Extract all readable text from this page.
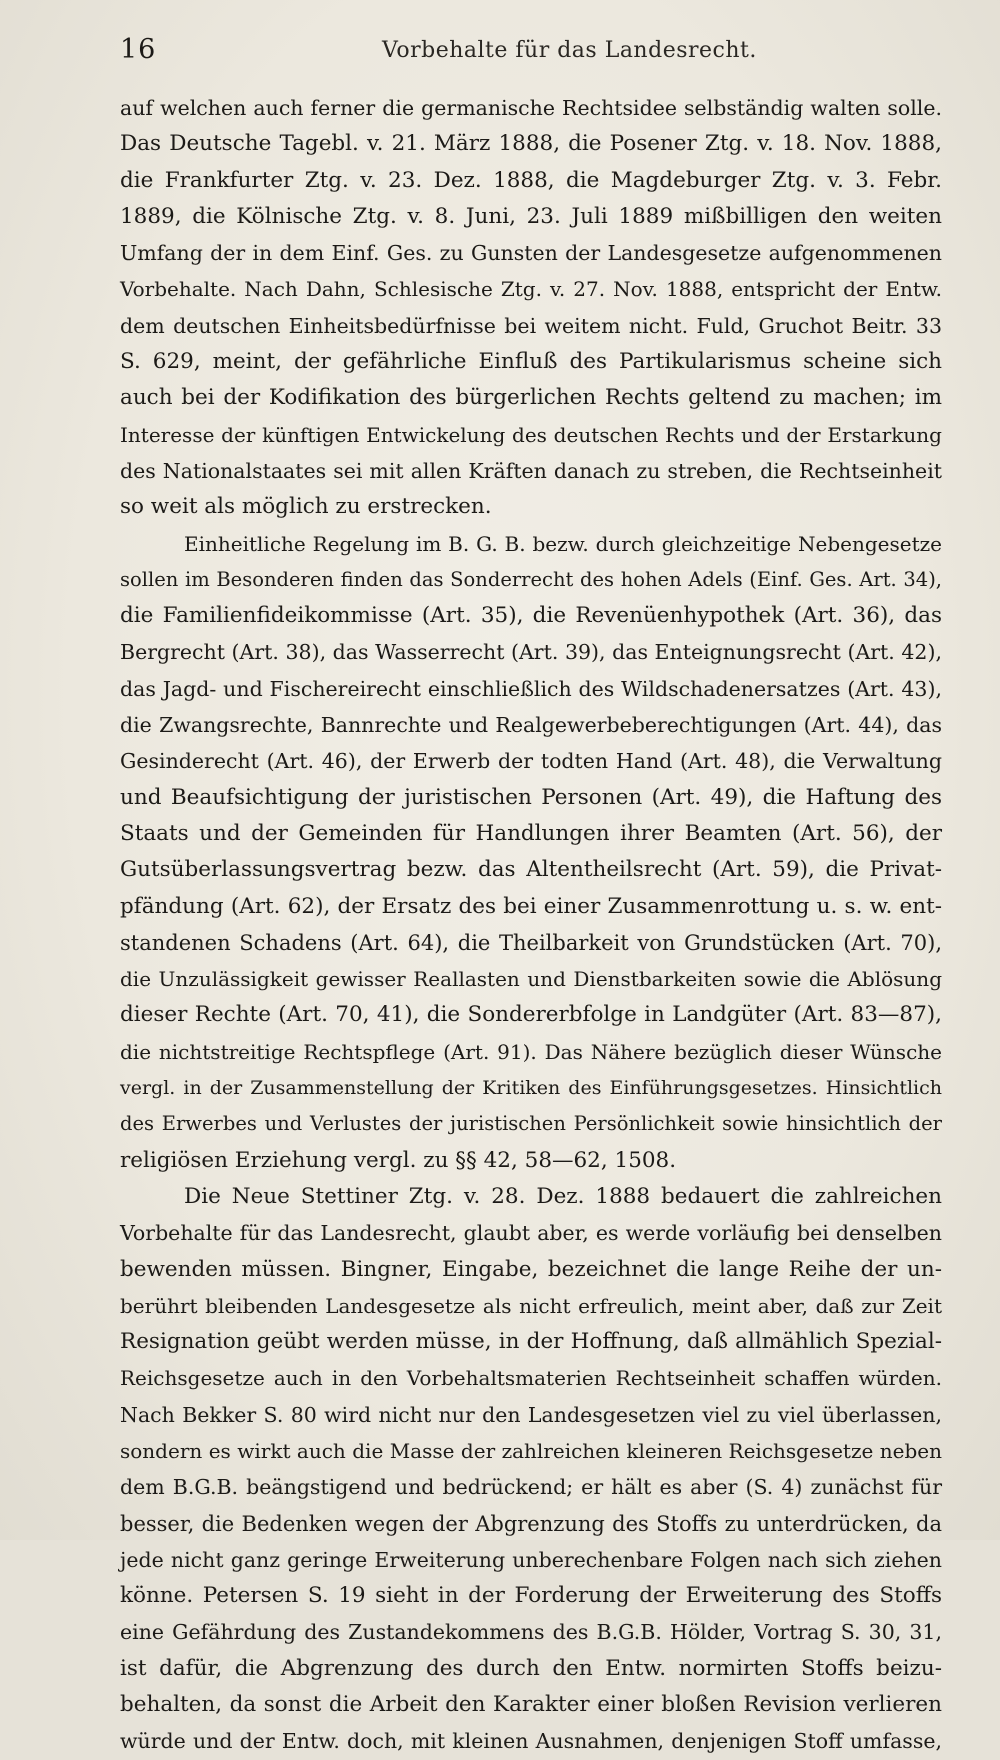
16	Vorbehalte für das Landesrecht.
auf welchen auch ferner die germanische Rechtsidee selbständig walten solle.
Das Deutsche Tagebl. v. 21. März 1888, die Posener Ztg. v. 18. Nov. 1888,
die Frankfurter Ztg. v. 23. Dez. 1888, die Magdeburger Ztg. v. 3. Febr.
1889, die Kölnische Ztg. v. 8. Juni, 23. Juli 1889 mißbilligen den weiten
Umfang der in dem Einf. Ges. zu Gunsten der Landesgesetze aufgenommenen
Vorbehalte. Nach Dahn, Schlesische Ztg. v. 27. Nov. 1888, entspricht der Entw.
dem deutschen Einheitsbedürfnisse bei weitem nicht. Fuld, Gruchot Beitr. 33
S. 629, meint, der gefährliche Einfluß des Partikularismus scheine sich
auch bei der Kodifikation des bürgerlichen Rechts geltend zu machen; im
Interesse der künftigen Entwickelung des deutschen Rechts und der Erstarkung
des Nationalstaates sei mit allen Kräften danach zu streben, die Rechtseinheit
so weit als möglich zu erstrecken.
Einheitliche Regelung im B. G. B. bezw. durch gleichzeitige Nebengesetze
sollen im Besonderen finden das Sonderrecht des hohen Adels (Einf. Ges. Art. 34),
die Familienfideikommisse (Art. 35), die Revenüenhypothek (Art. 36), das
Bergrecht (Art. 38), das Wasserrecht (Art. 39), das Enteignungsrecht (Art. 42),
das Jagd- und Fischereirecht einschließlich des Wildschadenersatzes (Art. 43),
die Zwangsrechte, Bannrechte und Realgewerbeberechtigungen (Art. 44), das
Gesinderecht (Art. 46), der Erwerb der todten Hand (Art. 48), die Verwaltung
und Beaufsichtigung der juristischen Personen (Art. 49), die Haftung des
Staats und der Gemeinden für Handlungen ihrer Beamten (Art. 56), der
Gutsüberlassungsvertrag bezw. das Altentheilsrecht (Art. 59), die Privat-
pfändung (Art. 62), der Ersatz des bei einer Zusammenrottung u. s. w. ent-
standenen Schadens (Art. 64), die Theilbarkeit von Grundstücken (Art. 70),
die Unzulässigkeit gewisser Reallasten und Dienstbarkeiten sowie die Ablösung
dieser Rechte (Art. 70, 41), die Sondererbfolge in Landgüter (Art. 83—87),
die nichtstreitige Rechtspflege (Art. 91). Das Nähere bezüglich dieser Wünsche
vergl. in der Zusammenstellung der Kritiken des Einführungsgesetzes. Hinsichtlich
des Erwerbes und Verlustes der juristischen Persönlichkeit sowie hinsichtlich der
religiösen Erziehung vergl. zu §§ 42, 58—62, 1508.
Die Neue Stettiner Ztg. v. 28. Dez. 1888 bedauert die zahlreichen
Vorbehalte für das Landesrecht, glaubt aber, es werde vorläufig bei denselben
bewenden müssen. Bingner, Eingabe, bezeichnet die lange Reihe der un-
berührt bleibenden Landesgesetze als nicht erfreulich, meint aber, daß zur Zeit
Resignation geübt werden müsse, in der Hoffnung, daß allmählich Spezial-
Reichsgesetze auch in den Vorbehaltsmaterien Rechtseinheit schaffen würden.
Nach Bekker S. 80 wird nicht nur den Landesgesetzen viel zu viel überlassen,
sondern es wirkt auch die Masse der zahlreichen kleineren Reichsgesetze neben
dem B.G.B. beängstigend und bedrückend; er hält es aber (S. 4) zunächst für
besser, die Bedenken wegen der Abgrenzung des Stoffs zu unterdrücken, da
jede nicht ganz geringe Erweiterung unberechenbare Folgen nach sich ziehen
könne. Petersen S. 19 sieht in der Forderung der Erweiterung des Stoffs
eine Gefährdung des Zustandekommens des B.G.B. Hölder, Vortrag S. 30, 31,
ist dafür, die Abgrenzung des durch den Entw. normirten Stoffs beizu-
behalten, da sonst die Arbeit den Karakter einer bloßen Revision verlieren
würde und der Entw. doch, mit kleinen Ausnahmen, denjenigen Stoff umfasse,
